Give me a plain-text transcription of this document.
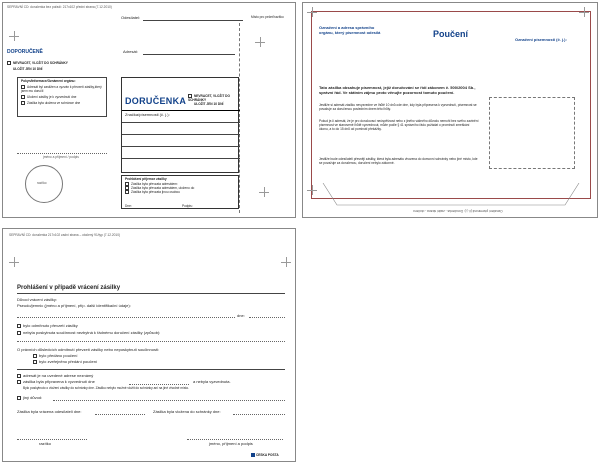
SEPRAVNÍ CD: doručenka bez pořadí: 217x102 přední strana (7.12.2010)
Odesílatel:	Místo pro pečeť/razítko
DOPORUČENĚ
NEVRACET, VLOŽIT DO SCHRÁNKY
ULOŽIT JEN 10 DNÍ
Adresát:
Pokyn/Informace/Oznámení orgánu:
Adresát byl zastižen a vyzván k převzetí zásilky,který jsem mu doručil
Uložení zásilky je k vyzvednutí dne
Zásilka byla uložena ve schránce dne	DORUČENKA	NEVRACET, VLOŽIT DO SCHRÁNKY
ULOŽIT JEN 10 DNÍ
Značka/písemnosti (č. j.):
jméno a příjmení / podpis
razítko
Prohlášení příjemce zásilky
Zásilka byla převzata adresátem:
Zásilka byla převzata adresátem, uloženo do
Zásilka byla převzata jinou osobou
Dne:	Podpis:
Označení a adresa správního orgánu, který písemnost odesílá	Poučení
Označení písemnosti (č. j.):
Tato zásilka obsahuje písemnost, jejíž doručování se řídí zákonem č. 500/2004 Sb., správní řád. Ve státním zájmu proto věnujte pozornost tomuto poučení.
Jestliže si adresát zásilku nevyzvedne ve lhůtě 10 dnů ode dne, kdy byla připravena k vyzvednutí, písemnost se považuje za doručenou posledním dnem této lhůty.
Pokud je-li adresát, že je pro doručovací neúspěšnost nebo z jiného vážného důvodu nemohl bez svého zavinění písemnost ve stanovené lhůtě vyzvednout, může podle § 41 správního řádu požádat o prominutí zmeškání úkonu, a to do 15 dnů od pominutí překážky.
Jestliže bude odesílateli přesněji zásilky, která byla adresátu vhozena do domovní schránky nebo jiné místo, kde se považuje za doručenou, doručení nebylo zákonné.
Označení písemnosti (č. j.): Doručenka ‑ zadní strana ‑ otočeno
SEPRAVNÍ CD: doručenka 217x102 zadní strana – otočený 91/typ (7.12.2010)
Prohlášení v případě vrácení zásilky
Důvod vrácení zásilky:
Pseudo/jemnic (jméno a příjmení, příp. další identifikační údaje):
dne:
bylo odmítnuto převzetí zásilky
nebyla poskytnuta součinnost nezbytná k řádnému doručení zásilky (způsob):
O právních důsledcích odmítnutí převzetí zásilky nebo neposkytnutí součinnosti:
bylo předáno poučení
bylo zveřejněno předání poučení
adresát je na uvedené adrese neznámý
zásilka byla připravena k vyzvednutí dne	a nebyla vyzvednuta.
Bylo poskytnuto o vložení zásilky do schránky dne. Zásilku nebylo možné vložit do schránky ani na jiné vhodné místo.
jiný důvod:
Zásilka byla vrácena odesílateli dne:	Zásilka byla vložena do schránky dne:
razítko	jméno, příjmení a podpis
CESKA POSTA
